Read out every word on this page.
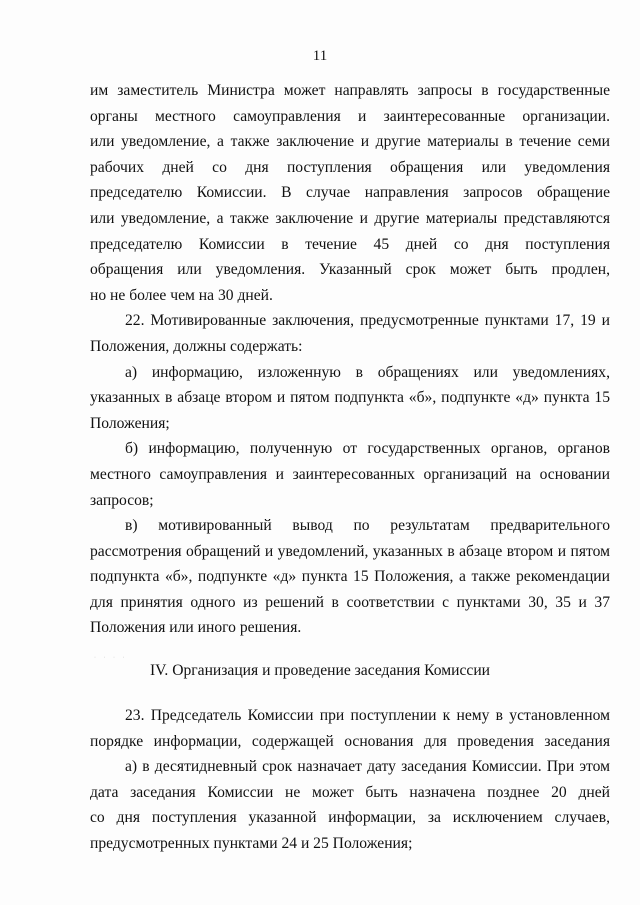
11
им заместитель Министра может направлять запросы в государственные
органы местного самоуправления и заинтересованные организации.
или уведомление, а также заключение и другие материалы в течение семи
рабочих дней со дня поступления обращения или уведомления
председателю Комиссии. В случае направления запросов обращение
или уведомление, а также заключение и другие материалы представляются
председателю Комиссии в течение 45 дней со дня поступления
обращения или уведомления. Указанный срок может быть продлен,
но не более чем на 30 дней.
22. Мотивированные заключения, предусмотренные пунктами 17, 19 и
Положения, должны содержать:
а) информацию, изложенную в обращениях или уведомлениях,
указанных в абзаце втором и пятом подпункта «б», подпункте «д» пункта 15
Положения;
б) информацию, полученную от государственных органов, органов
местного самоуправления и заинтересованных организаций на основании
запросов;
в) мотивированный вывод по результатам предварительного
рассмотрения обращений и уведомлений, указанных в абзаце втором и пятом
подпункта «б», подпункте «д» пункта 15 Положения, а также рекомендации
для принятия одного из решений в соответствии с пунктами 30, 35 и 37
Положения или иного решения.
· · · ·
IV. Организация и проведение заседания Комиссии
23. Председатель Комиссии при поступлении к нему в установленном
порядке информации, содержащей основания для проведения заседания
а) в десятидневный срок назначает дату заседания Комиссии. При этом
дата заседания Комиссии не может быть назначена позднее 20 дней
со дня поступления указанной информации, за исключением случаев,
предусмотренных пунктами 24 и 25 Положения;
